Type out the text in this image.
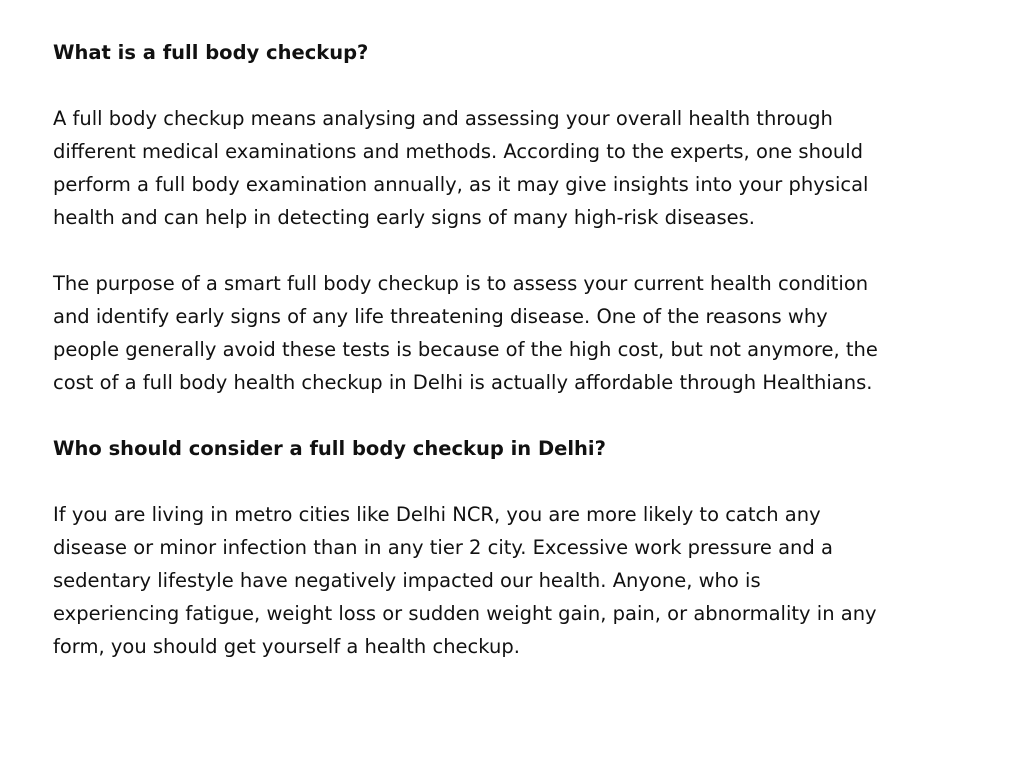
What is a full body checkup?
A full body checkup means analysing and assessing your overall health through
different medical examinations and methods. According to the experts, one should
perform a full body examination annually, as it may give insights into your physical
health and can help in detecting early signs of many high-risk diseases.
The purpose of a smart full body checkup is to assess your current health condition
and identify early signs of any life threatening disease. One of the reasons why
people generally avoid these tests is because of the high cost, but not anymore, the
cost of a full body health checkup in Delhi is actually affordable through Healthians.
Who should consider a full body checkup in Delhi?
If you are living in metro cities like Delhi NCR, you are more likely to catch any
disease or minor infection than in any tier 2 city. Excessive work pressure and a
sedentary lifestyle have negatively impacted our health. Anyone, who is
experiencing fatigue, weight loss or sudden weight gain, pain, or abnormality in any
form, you should get yourself a health checkup.
